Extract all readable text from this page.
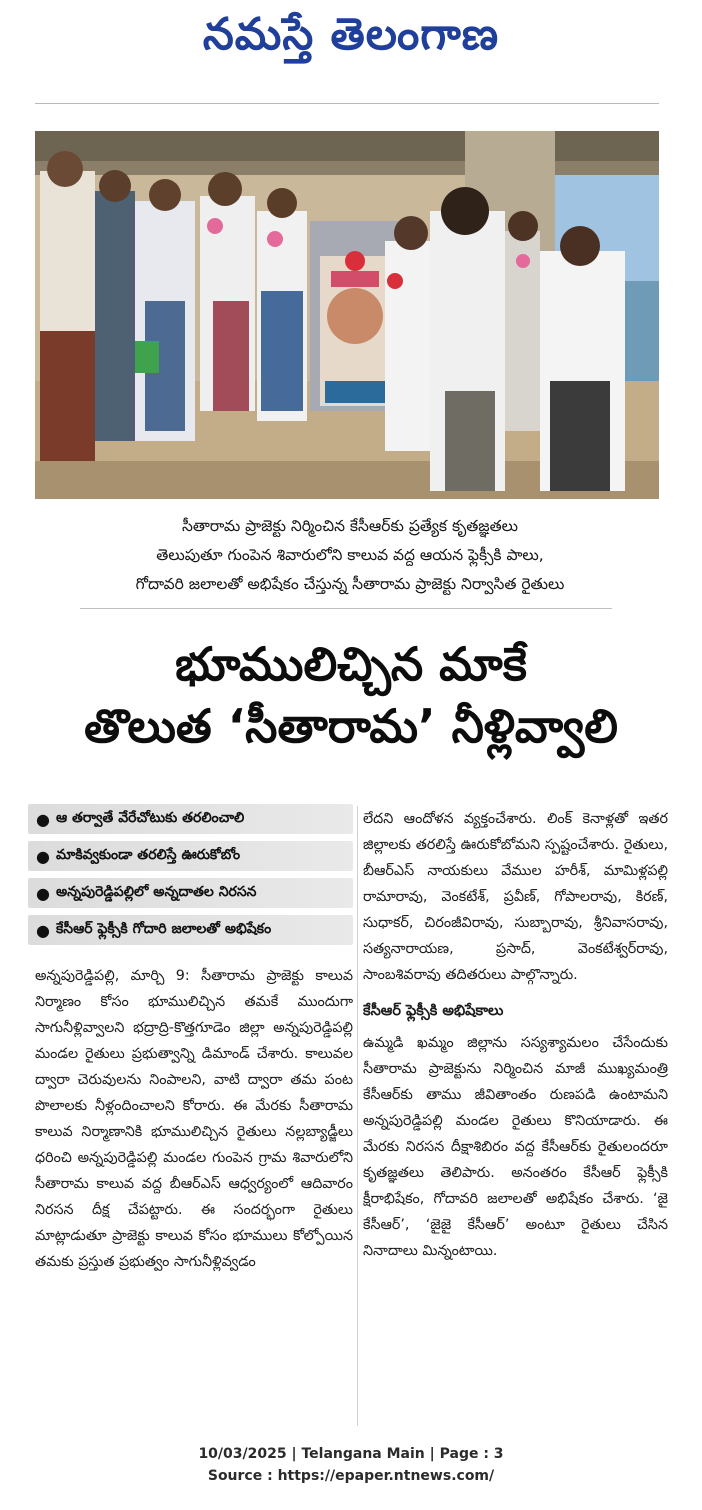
నమస్తే తెలంగాణ
సీతారామ ప్రాజెక్టు నిర్మించిన కేసీఆర్‌కు ప్రత్యేక కృతజ్ఞతలు
తెలుపుతూ గుంపెన శివారులోని కాలువ వద్ద ఆయన ఫ్లెక్సీకి పాలు,
గోదావరి జలాలతో అభిషేకం చేస్తున్న సీతారామ ప్రాజెక్టు నిర్వాసిత రైతులు
భూములిచ్చిన మాకే
తొలుత ‘సీతారామ’ నీళ్లివ్వాలి
● ఆ తర్వాతే వేరేచోటుకు తరలించాలి
● మాకివ్వకుండా తరలిస్తే ఊరుకోబోం
● అన్నపురెడ్డిపల్లిలో అన్నదాతల నిరసన
● కేసీఆర్ ఫ్లెక్సీకి గోదారి జలాలతో అభిషేకం

అన్నపురెడ్డిపల్లి, మార్చి 9: సీతారామ ప్రాజెక్టు కాలువ నిర్మాణం కోసం భూములిచ్చిన తమకే ముందుగా సాగునీళ్లివ్వాలని భద్రాద్రి-కొత్తగూడెం జిల్లా అన్నపురెడ్డిపల్లి మండల రైతులు ప్రభుత్వాన్ని డిమాండ్ చేశారు. కాలువల ద్వారా చెరువులను నింపాలని, వాటి ద్వారా తమ పంట పొలాలకు నీళ్లందించాలని కోరారు. ఈ మేరకు సీతారామ కాలువ నిర్మాణానికి భూములిచ్చిన రైతులు నల్లబ్యాడ్జీలు ధరించి అన్నపురెడ్డిపల్లి మండల గుంపెన గ్రామ శివారులోని సీతారామ కాలువ వద్ద బీఆర్ఎస్ ఆధ్వర్యంలో ఆదివారం నిరసన దీక్ష చేపట్టారు. ఈ సందర్భంగా రైతులు మాట్లాడుతూ ప్రాజెక్టు కాలువ కోసం భూములు కోల్పోయిన తమకు ప్రస్తుత ప్రభుత్వం సాగునీళ్లివ్వడం

లేదని ఆందోళన వ్యక్తంచేశారు. లింక్ కెనాళ్లతో ఇతర జిల్లాలకు తరలిస్తే ఊరుకోబోమని స్పష్టంచేశారు. రైతులు, బీఆర్ఎస్ నాయకులు వేముల హరీశ్, మామిళ్లపల్లి రామారావు, వెంకటేశ్, ప్రవీణ్, గోపాలరావు, కిరణ్, సుధాకర్, చిరంజీవిరావు, సుబ్బారావు, శ్రీనివాసరావు, సత్యనారాయణ, ప్రసాద్, వెంకటేశ్వర్‌రావు, సాంబశివరావు తదితరులు పాల్గొన్నారు.

కేసీఆర్ ఫ్లెక్సీకి అభిషేకాలు

ఉమ్మడి ఖమ్మం జిల్లాను సస్యశ్యామలం చేసేందుకు సీతారామ ప్రాజెక్టును నిర్మించిన మాజీ ముఖ్యమంత్రి కేసీఆర్‌కు తాము జీవితాంతం రుణపడి ఉంటామని అన్నపురెడ్డిపల్లి మండల రైతులు కొనియాడారు. ఈ మేరకు నిరసన దీక్షాశిబిరం వద్ద కేసీఆర్‌కు రైతులందరూ కృతజ్ఞతలు తెలిపారు. అనంతరం కేసీఆర్ ఫ్లెక్సీకి క్షీరాభిషేకం, గోదావరి జలాలతో అభిషేకం చేశారు. ‘జై కేసీఆర్’, ‘జైజై కేసీఆర్’ అంటూ రైతులు చేసిన నినాదాలు మిన్నంటాయి.

10/03/2025 | Telangana Main | Page : 3
Source : https://epaper.ntnews.com/
